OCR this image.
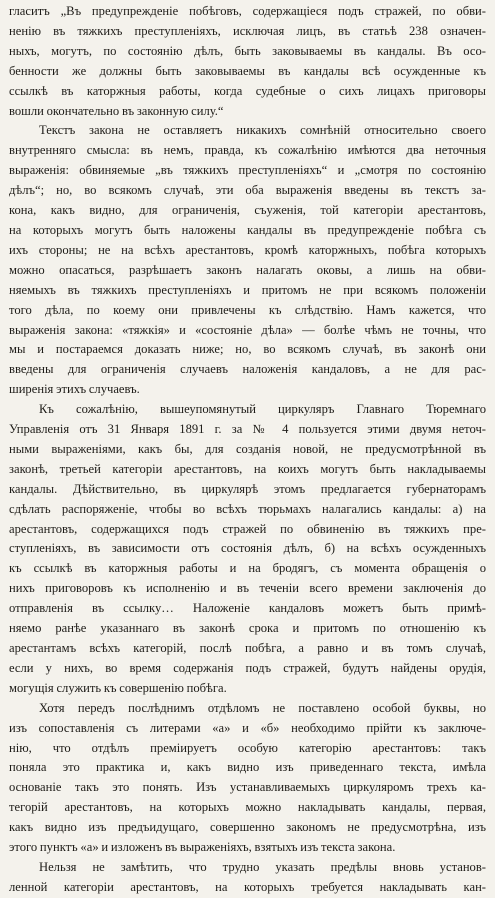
гласитъ „Въ предупрежденіе побѣговъ, содержащіеся подъ стражей, по обви-
ненію въ тяжкихъ преступленіяхъ, исключая лицъ, въ статьѣ 238 означен-
ныхъ, могутъ, по состоянію дѣлъ, быть заковываемы въ кандалы. Въ осо-
бенности же должны быть заковываемы въ кандалы всѣ осужденные къ
ссылкѣ въ каторжныя работы, когда судебные о сихъ лицахъ приговоры
вошли окончательно въ законную силу.“

Текстъ закона не оставляетъ никакихъ сомнѣній относительно своего
внутренняго смысла: въ немъ, правда, къ сожалѣнію имѣются два неточныя
выраженія: обвиняемые „въ тяжкихъ преступленіяхъ“ и „смотря по состоянію
дѣлъ“; но, во всякомъ случаѣ, эти оба выраженія введены въ текстъ за-
кона, какъ видно, для ограниченія, съуженія, той категоріи арестантовъ,
на которыхъ могутъ быть наложены кандалы въ предупрежденіе побѣга съ
ихъ стороны; не на всѣхъ арестантовъ, кромѣ каторжныхъ, побѣга которыхъ
можно опасаться, разрѣшаетъ законъ налагать оковы, а лишь на обви-
няемыхъ въ тяжкихъ преступленіяхъ и притомъ не при всякомъ положеніи
того дѣла, по коему они привлечены къ слѣдствію. Намъ кажется, что
выраженія закона: «тяжкія» и «состояніе дѣла» — болѣе чѣмъ не точны, что
мы и постараемся доказать ниже; но, во всякомъ случаѣ, въ законѣ они
введены для ограниченія случаевъ наложенія кандаловъ, а не для рас-
ширенія этихъ случаевъ.

Къ сожалѣнію, вышеупомянутый циркуляръ Главнаго Тюремнаго
Управленія отъ 31 Января 1891 г. за № 4 пользуется этими двумя неточ-
ными выраженіями, какъ бы, для созданія новой, не предусмотрѣнной въ
законѣ, третьей категоріи арестантовъ, на коихъ могутъ быть накладываемы
кандалы. Дѣйствительно, въ циркулярѣ этомъ предлагается губернаторамъ
сдѣлать распоряженіе, чтобы во всѣхъ тюрьмахъ налагались кандалы: а) на
арестантовъ, содержащихся подъ стражей по обвиненію въ тяжкихъ пре-
ступленіяхъ, въ зависимости отъ состоянія дѣлъ, б) на всѣхъ осужденныхъ
къ ссылкѣ въ каторжныя работы и на бродягъ, съ момента обращенія о
нихъ приговоровъ къ исполненію и въ теченіи всего времени заключенія до
отправленія въ ссылку… Наложеніе кандаловъ можетъ быть примѣ-
няемо ранѣе указаннаго въ законѣ срока и притомъ по отношенію къ
арестантамъ всѣхъ категорій, послѣ побѣга, а равно и въ томъ случаѣ,
если у нихъ, во время содержанія подъ стражей, будутъ найдены орудія,
могущія служить къ совершенію побѣга.

Хотя передъ послѣднимъ отдѣломъ не поставлено особой буквы, но
изъ сопоставленія съ литерами «а» и «б» необходимо прійти къ заключе-
нію, что отдѣлъ преміируетъ особую категорію арестантовъ: такъ
поняла это практика и, какъ видно изъ приведеннаго текста, имѣла
основаніе такъ это понять. Изъ устанавливаемыхъ циркуляромъ трехъ ка-
тегорій арестантовъ, на которыхъ можно накладывать кандалы, первая,
какъ видно изъ предъидущаго, совершенно закономъ не предусмотрѣна, изъ
этого пунктъ «а» и изложенъ въ выраженіяхъ, взятыхъ изъ текста закона.

Нельзя не замѣтить, что трудно указать предѣлы вновь установ-
ленной категоріи арестантовъ, на которыхъ требуется накладывать кан-
